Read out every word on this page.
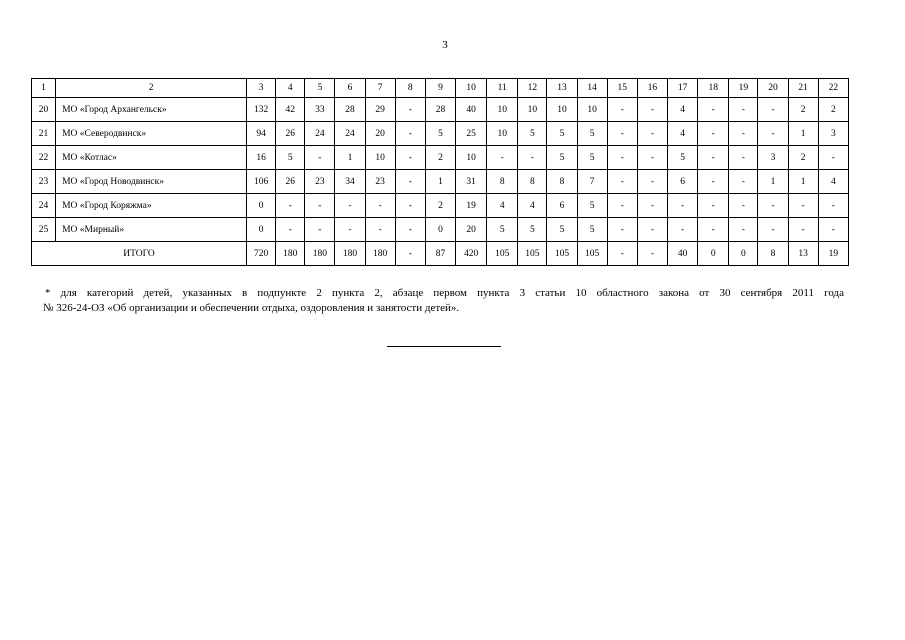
3
1	2	3	4	5	6	7	8	9	10	11	12	13	14	15	16	17	18	19	20	21	22
20	МО «Город Архангельск»	132	42	33	28	29	-	28	40	10	10	10	10	-	-	4	-	-	-	2	2
21	МО «Северодвинск»	94	26	24	24	20	-	5	25	10	5	5	5	-	-	4	-	-	-	1	3
22	МО «Котлас»	16	5	-	1	10	-	2	10	-	-	5	5	-	-	5	-	-	3	2	-
23	МО «Город Новодвинск»	106	26	23	34	23	-	1	31	8	8	8	7	-	-	6	-	-	1	1	4
24	МО «Город Коряжма»	0	-	-	-	-	-	2	19	4	4	6	5	-	-	-	-	-	-	-	-
25	МО «Мирный»	0	-	-	-	-	-	0	20	5	5	5	5	-	-	-	-	-	-	-	-
ИТОГО		720	180	180	180	180	-	87	420	105	105	105	105	-	-	40	0	0	8	13	19
* для категорий детей, указанных в подпункте 2 пункта 2, абзаце первом пункта 3 статьи 10 областного закона от 30 сентября 2011 года
№ 326-24-ОЗ «Об организации и обеспечении отдыха, оздоровления и занятости детей».
